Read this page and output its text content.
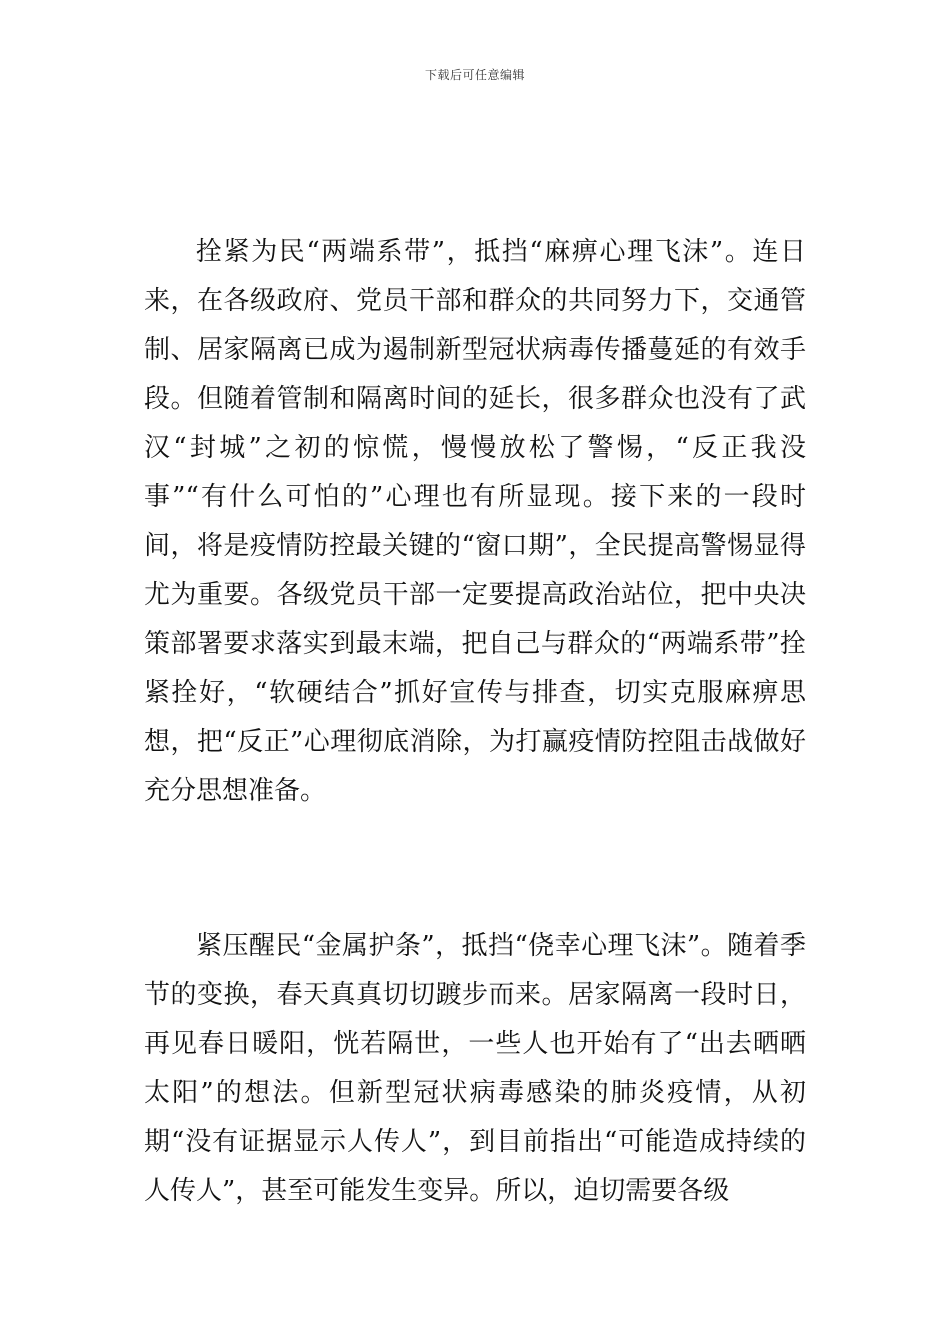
下载后可任意编辑

拴紧为民“两端系带”，抵挡“麻痹心理飞沫”。连日来，在各级政府、党员干部和群众的共同努力下，交通管制、居家隔离已成为遏制新型冠状病毒传播蔓延的有效手段。但随着管制和隔离时间的延长，很多群众也没有了武汉“封城”之初的惊慌，慢慢放松了警惕，“反正我没事”“有什么可怕的”心理也有所显现。接下来的一段时间，将是疫情防控最关键的“窗口期”，全民提高警惕显得尤为重要。各级党员干部一定要提高政治站位，把中央决策部署要求落实到最末端，把自己与群众的“两端系带”拴紧拴好，“软硬结合”抓好宣传与排查，切实克服麻痹思想，把“反正”心理彻底消除，为打赢疫情防控阻击战做好充分思想准备。

紧压醒民“金属护条”，抵挡“侥幸心理飞沫”。随着季节的变换，春天真真切切踱步而来。居家隔离一段时日，再见春日暖阳，恍若隔世，一些人也开始有了“出去晒晒太阳”的想法。但新型冠状病毒感染的肺炎疫情，从初期“没有证据显示人传人”，到目前指出“可能造成持续的人传人”，甚至可能发生变异。所以，迫切需要各级
